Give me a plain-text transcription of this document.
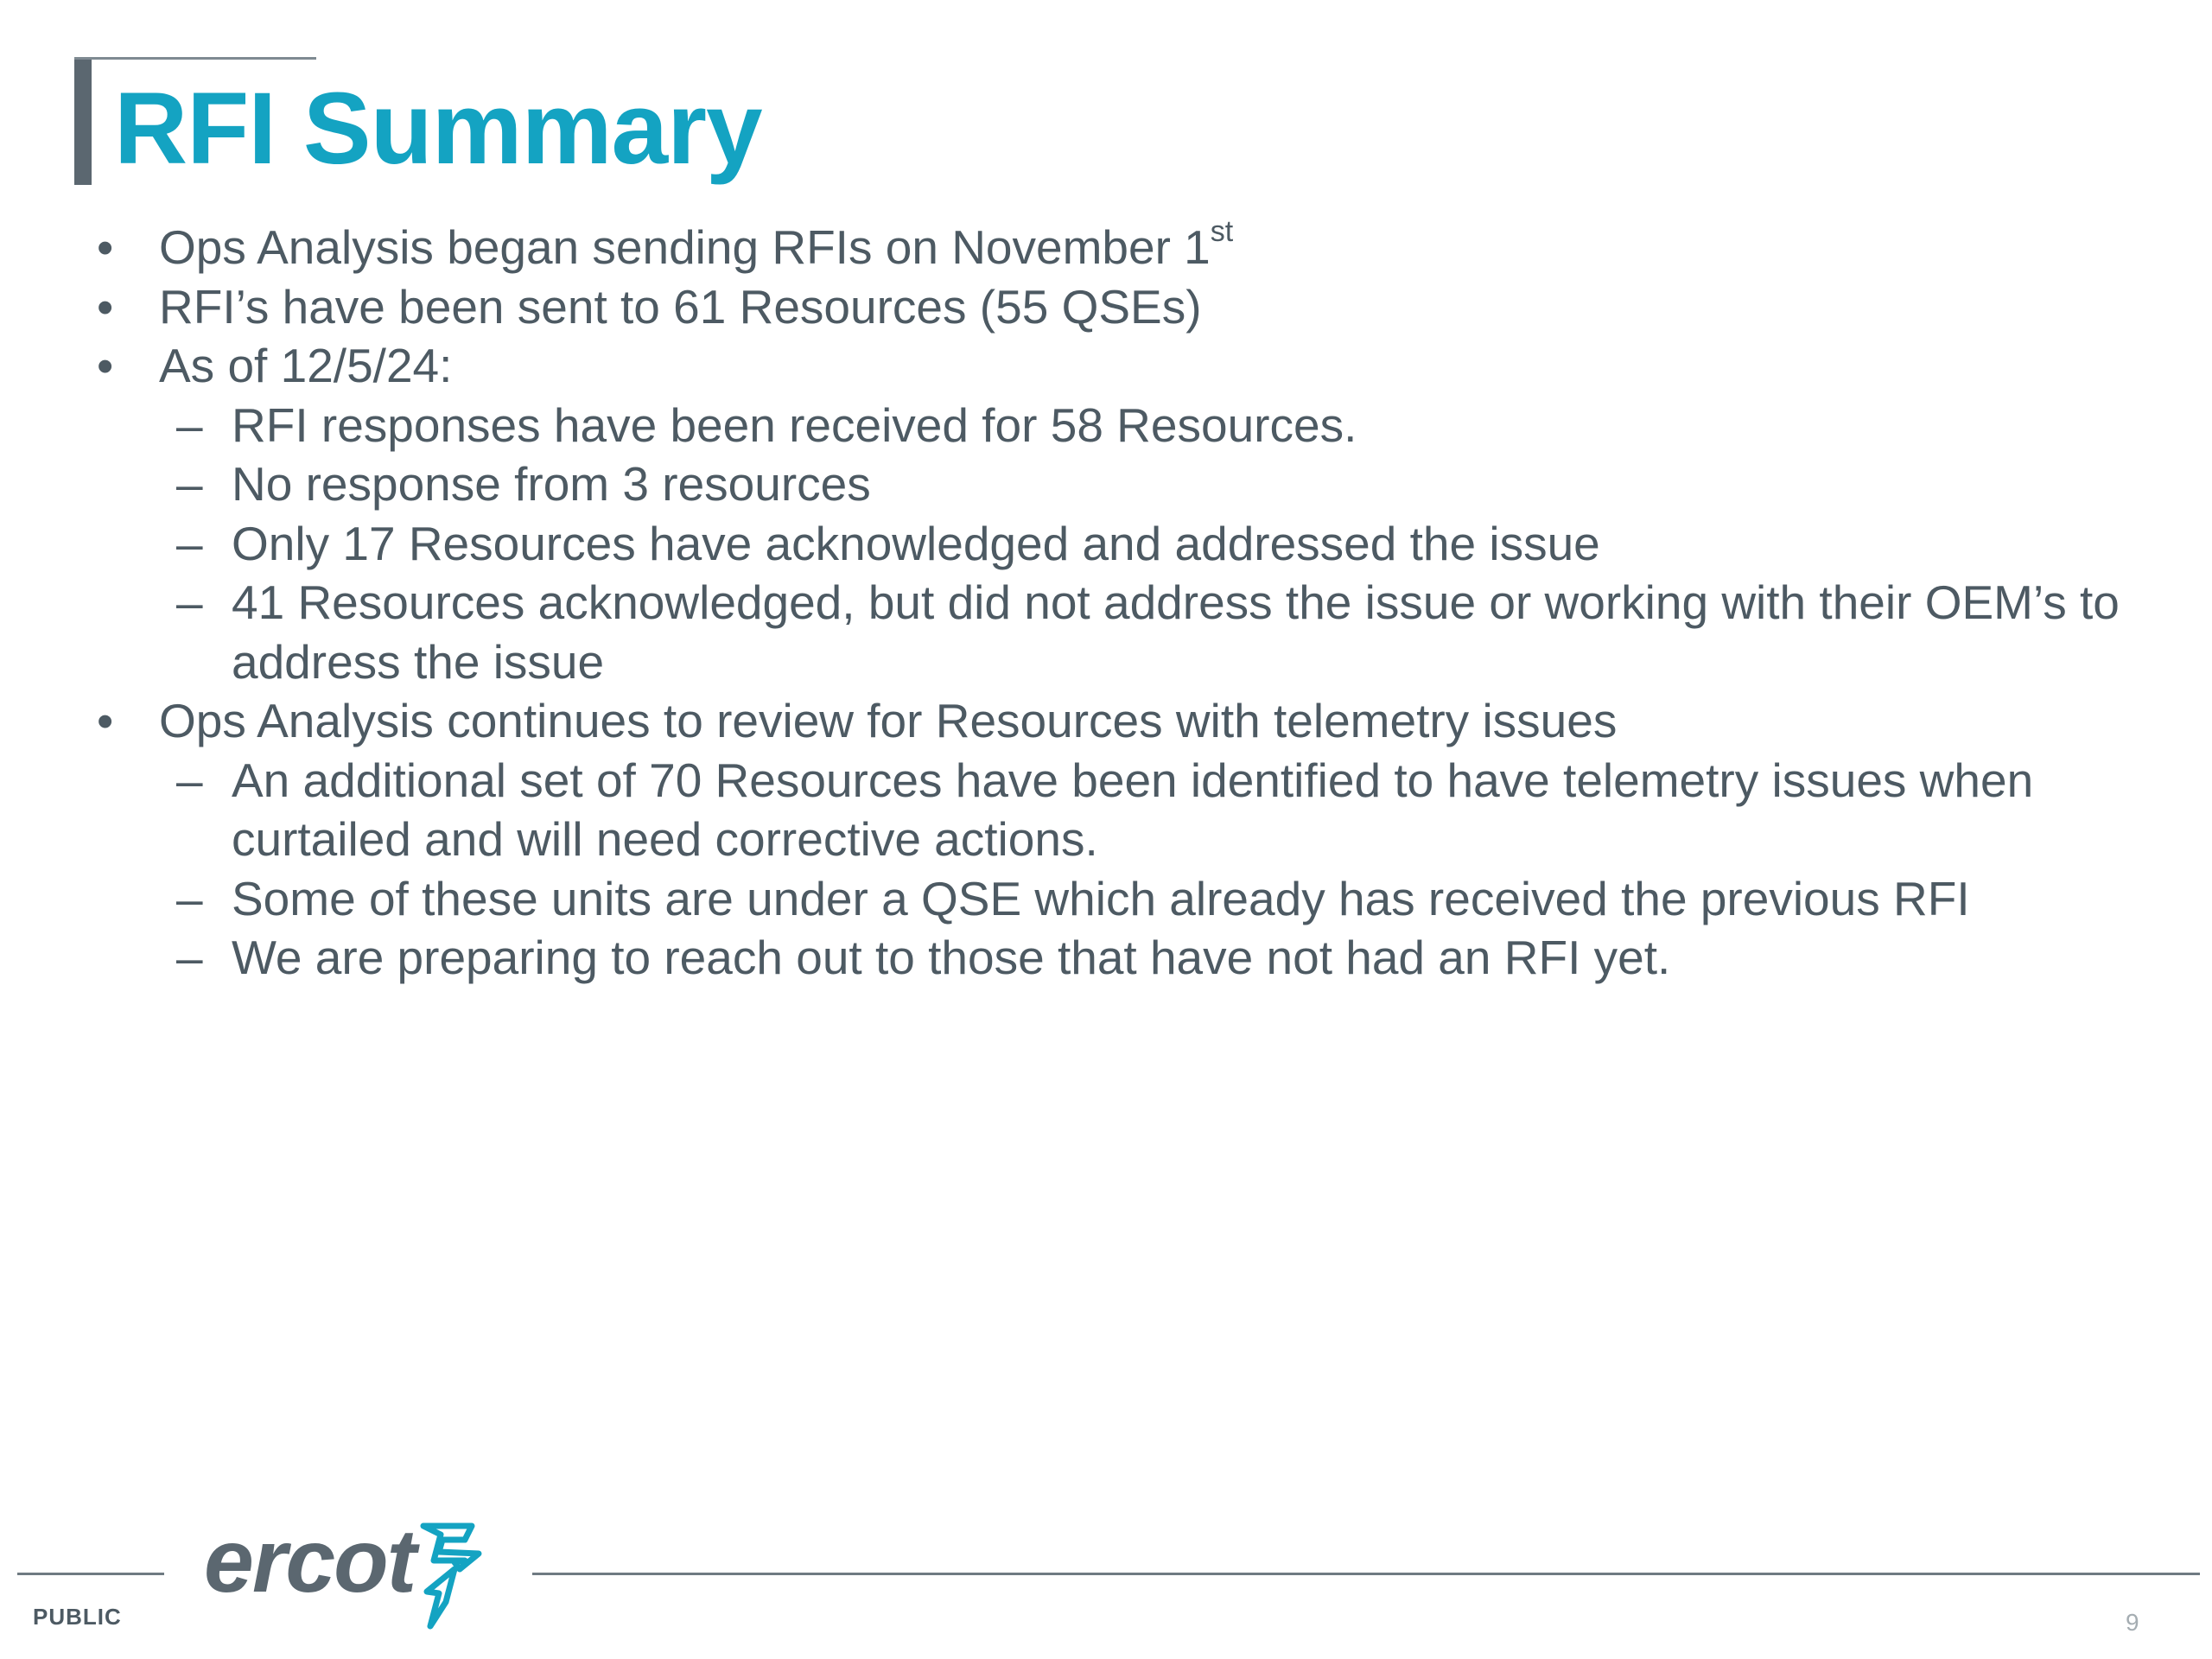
RFI Summary
• Ops Analysis began sending RFIs on November 1st
• RFI’s have been sent to 61 Resources (55 QSEs)
• As of 12/5/24:
– RFI responses have been received for 58 Resources.
– No response from 3 resources
– Only 17 Resources have acknowledged and addressed the issue
– 41 Resources acknowledged, but did not address the issue or working with their OEM’s to address the issue
• Ops Analysis continues to review for Resources with telemetry issues
– An additional set of 70 Resources have been identified to have telemetry issues when curtailed and will need corrective actions.
– Some of these units are under a QSE which already has received the previous RFI
– We are preparing to reach out to those that have not had an RFI yet.
ercot
PUBLIC	9
